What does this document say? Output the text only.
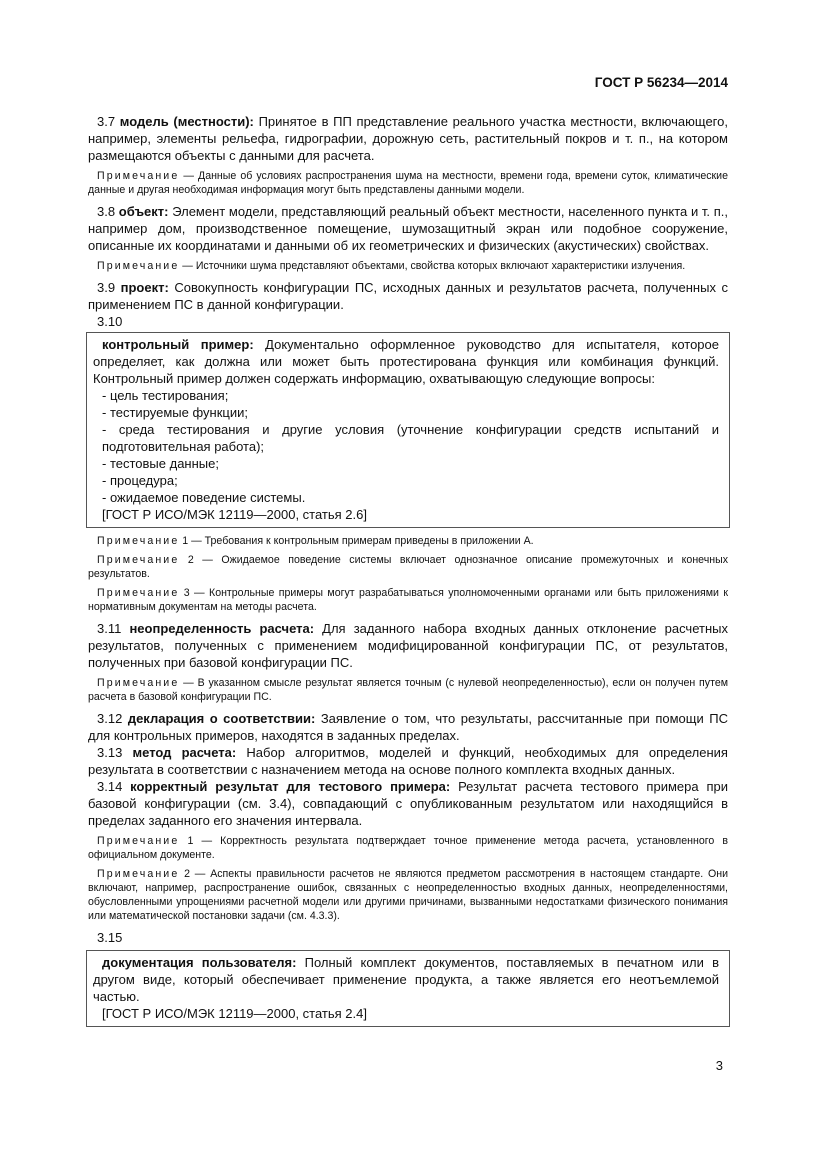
ГОСТ Р 56234—2014

3.7 модель (местности): Принятое в ПП представление реального участка местности, включающего, например, элементы рельефа, гидрографии, дорожную сеть, растительный покров и т. п., на котором размещаются объекты с данными для расчета.

Примечание — Данные об условиях распространения шума на местности, времени года, времени суток, климатические данные и другая необходимая информация могут быть представлены данными модели.

3.8 объект: Элемент модели, представляющий реальный объект местности, населенного пункта и т. п., например дом, производственное помещение, шумозащитный экран или подобное сооружение, описанные их координатами и данными об их геометрических и физических (акустических) свойствах.

Примечание — Источники шума представляют объектами, свойства которых включают характеристики излучения.

3.9 проект: Совокупность конфигурации ПС, исходных данных и результатов расчета, полученных с применением ПС в данной конфигурации.

3.10

контрольный пример: Документально оформленное руководство для испытателя, которое определяет, как должна или может быть протестирована функция или комбинация функций. Контрольный пример должен содержать информацию, охватывающую следующие вопросы:

- цель тестирования;

- тестируемые функции;

- среда тестирования и другие условия (уточнение конфигурации средств испытаний и подготовительная работа);

- тестовые данные;

- процедура;

- ожидаемое поведение системы.

[ГОСТ Р ИСО/МЭК 12119—2000, статья 2.6]

Примечание 1 — Требования к контрольным примерам приведены в приложении А.

Примечание 2 — Ожидаемое поведение системы включает однозначное описание промежуточных и конечных результатов.

Примечание 3 — Контрольные примеры могут разрабатываться уполномоченными органами или быть приложениями к нормативным документам на методы расчета.

3.11 неопределенность расчета: Для заданного набора входных данных отклонение расчетных результатов, полученных с применением модифицированной конфигурации ПС, от результатов, полученных при базовой конфигурации ПС.

Примечание — В указанном смысле результат является точным (с нулевой неопределенностью), если он получен путем расчета в базовой конфигурации ПС.

3.12 декларация о соответствии: Заявление о том, что результаты, рассчитанные при помощи ПС для контрольных примеров, находятся в заданных пределах.

3.13 метод расчета: Набор алгоритмов, моделей и функций, необходимых для определения результата в соответствии с назначением метода на основе полного комплекта входных данных.

3.14 корректный результат для тестового примера: Результат расчета тестового примера при базовой конфигурации (см. 3.4), совпадающий с опубликованным результатом или находящийся в пределах заданного его значения интервала.

Примечание 1 — Корректность результата подтверждает точное применение метода расчета, установленного в официальном документе.

Примечание 2 — Аспекты правильности расчетов не являются предметом рассмотрения в настоящем стандарте. Они включают, например, распространение ошибок, связанных с неопределенностью входных данных, неопределенностями, обусловленными упрощениями расчетной модели или другими причинами, вызванными недостатками физического понимания или математической постановки задачи (см. 4.3.3).

3.15

документация пользователя: Полный комплект документов, поставляемых в печатном или в другом виде, который обеспечивает применение продукта, а также является его неотъемлемой частью.

[ГОСТ Р ИСО/МЭК 12119—2000, статья 2.4]

3
